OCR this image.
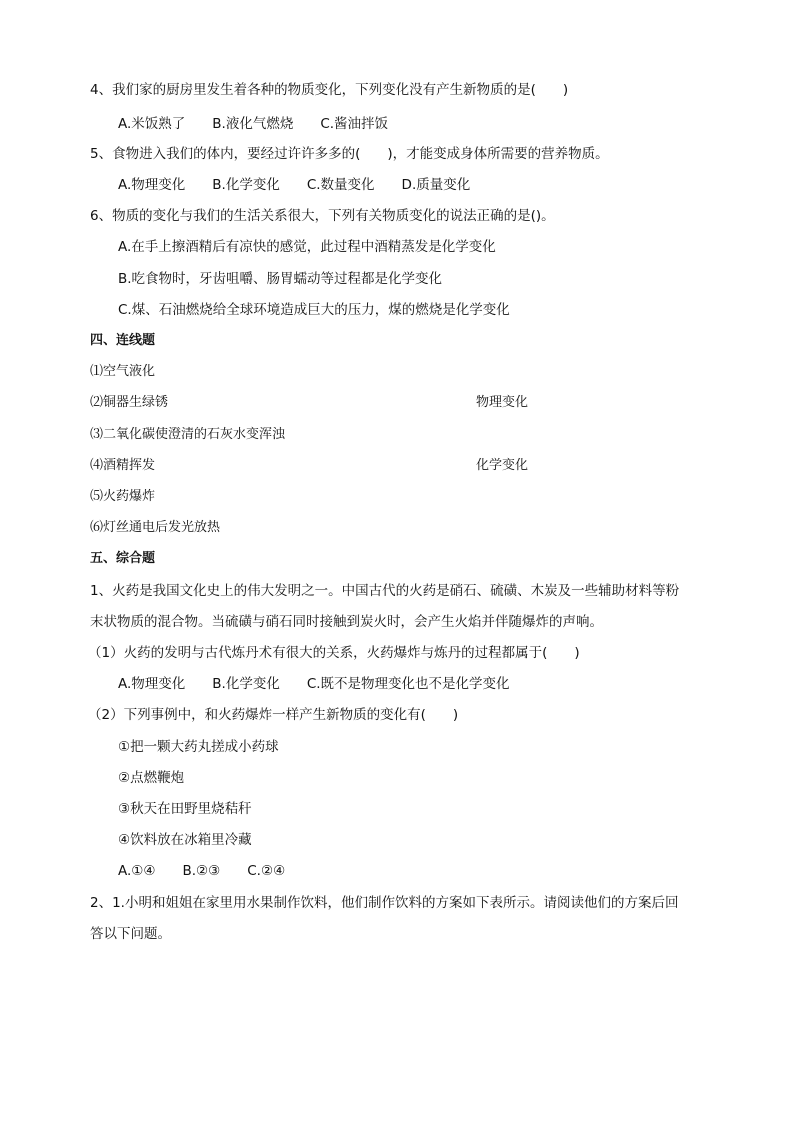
4、我们家的厨房里发生着各种的物质变化，下列变化没有产生新物质的是(　　)
A.米饭熟了　　B.液化气燃烧　　C.酱油拌饭
5、食物进入我们的体内，要经过许许多多的(　　)，才能变成身体所需要的营养物质。
A.物理变化　　B.化学变化　　C.数量变化　　D.质量变化
6、物质的变化与我们的生活关系很大，下列有关物质变化的说法正确的是()。
A.在手上擦酒精后有凉快的感觉，此过程中酒精蒸发是化学变化
B.吃食物时，牙齿咀嚼、肠胃蠕动等过程都是化学变化
C.煤、石油燃烧给全球环境造成巨大的压力，煤的燃烧是化学变化
四、连线题
⑴空气液化
⑵铜器生绿锈	物理变化
⑶二氧化碳使澄清的石灰水变浑浊
⑷酒精挥发	化学变化
⑸火药爆炸
⑹灯丝通电后发光放热
五、综合题
1、火药是我国文化史上的伟大发明之一。中国古代的火药是硝石、硫磺、木炭及一些辅助材料等粉
末状物质的混合物。当硫磺与硝石同时接触到炭火时，会产生火焰并伴随爆炸的声响。
（1）火药的发明与古代炼丹术有很大的关系，火药爆炸与炼丹的过程都属于(　　)
A.物理变化　　B.化学变化　　C.既不是物理变化也不是化学变化
（2）下列事例中，和火药爆炸一样产生新物质的变化有(　　)
①把一颗大药丸搓成小药球
②点燃鞭炮
③秋天在田野里烧秸秆
④饮料放在冰箱里冷藏
A.①④　　B.②③　　C.②④
2、1.小明和姐姐在家里用水果制作饮料，他们制作饮料的方案如下表所示。请阅读他们的方案后回
答以下问题。
